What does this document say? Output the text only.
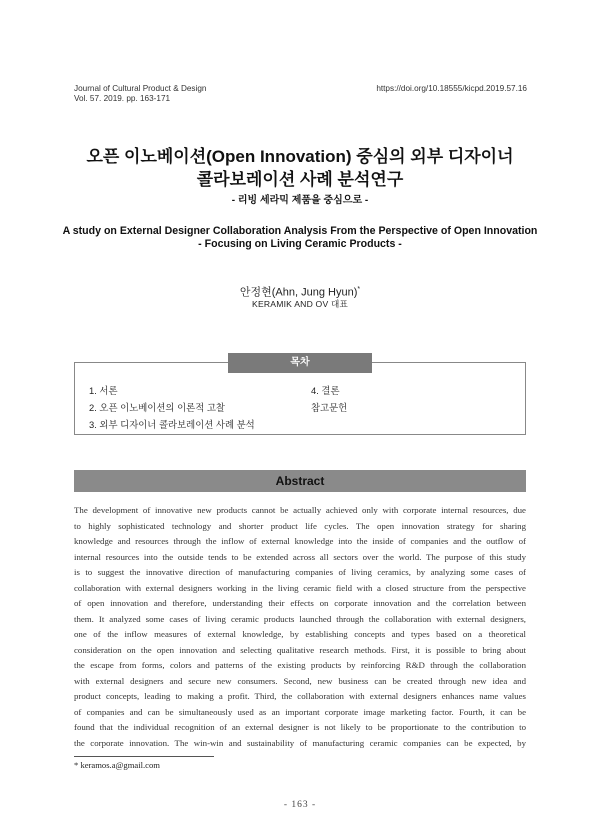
Journal of Cultural Product & Design
Vol. 57. 2019. pp. 163-171
https://doi.org/10.18555/kicpd.2019.57.16
오픈 이노베이션(Open Innovation) 중심의 외부 디자이너
콜라보레이션 사례 분석연구
- 리빙 세라믹 제품을 중심으로 -
A study on External Designer Collaboration Analysis From the Perspective of Open Innovation
- Focusing on Living Ceramic Products -
안정현(Ahn, Jung Hyun)*
KERAMIK AND OV 대표
목차
1. 서론
2. 오픈 이노베이션의 이론적 고찰
3. 외부 디자이너 콜라보레이션 사례 분석
4. 결론
참고문헌
Abstract
The development of innovative new products cannot be actually achieved only with corporate internal resources, due
to highly sophisticated technology and shorter product life cycles. The open innovation strategy for sharing
knowledge and resources through the inflow of external knowledge into the inside of companies and the outflow of
internal resources into the outside tends to be extended across all sectors over the world. The purpose of this study
is to suggest the innovative direction of manufacturing companies of living ceramics, by analyzing some cases of
collaboration with external designers working in the living ceramic field with a closed structure from the perspective
of open innovation and therefore, understanding their effects on corporate innovation and the correlation between
them. It analyzed some cases of living ceramic products launched through the collaboration with external designers,
one of the inflow measures of external knowledge, by establishing concepts and types based on a theoretical
consideration on the open innovation and selecting qualitative research methods. First, it is possible to bring about
the escape from forms, colors and patterns of the existing products by reinforcing R&D through the collaboration
with external designers and secure new consumers. Second, new business can be created through new idea and
product concepts, leading to making a profit. Third, the collaboration with external designers enhances name values
of companies and can be simultaneously used as an important corporate image marketing factor. Fourth, it can be
found that the individual recognition of an external designer is not likely to be proportionate to the contribution to
the corporate innovation. The win-win and sustainability of manufacturing ceramic companies can be expected, by
* keramos.a@gmail.com
- 163 -
